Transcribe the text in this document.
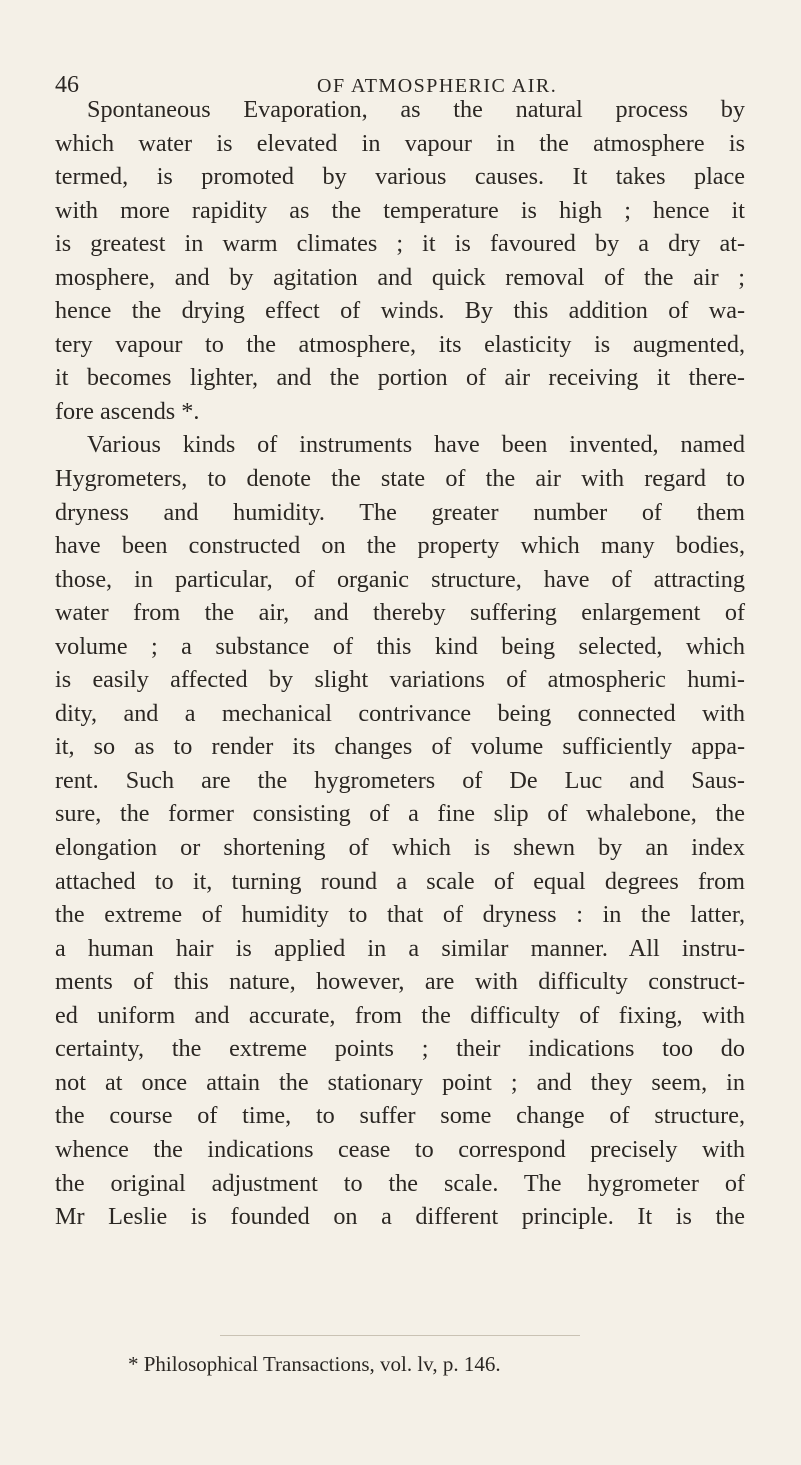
46	OF ATMOSPHERIC AIR.
Spontaneous Evaporation, as the natural process by
which water is elevated in vapour in the atmosphere is
termed, is promoted by various causes. It takes place
with more rapidity as the temperature is high ; hence it
is greatest in warm climates ; it is favoured by a dry at-
mosphere, and by agitation and quick removal of the air ;
hence the drying effect of winds. By this addition of wa-
tery vapour to the atmosphere, its elasticity is augmented,
it becomes lighter, and the portion of air receiving it there-
fore ascends *.
Various kinds of instruments have been invented, named
Hygrometers, to denote the state of the air with regard to
dryness and humidity. The greater number of them
have been constructed on the property which many bodies,
those, in particular, of organic structure, have of attracting
water from the air, and thereby suffering enlargement of
volume ; a substance of this kind being selected, which
is easily affected by slight variations of atmospheric humi-
dity, and a mechanical contrivance being connected with
it, so as to render its changes of volume sufficiently appa-
rent. Such are the hygrometers of De Luc and Saus-
sure, the former consisting of a fine slip of whalebone, the
elongation or shortening of which is shewn by an index
attached to it, turning round a scale of equal degrees from
the extreme of humidity to that of dryness : in the latter,
a human hair is applied in a similar manner. All instru-
ments of this nature, however, are with difficulty construct-
ed uniform and accurate, from the difficulty of fixing, with
certainty, the extreme points ; their indications too do
not at once attain the stationary point ; and they seem, in
the course of time, to suffer some change of structure,
whence the indications cease to correspond precisely with
the original adjustment to the scale. The hygrometer of
Mr Leslie is founded on a different principle. It is the
* Philosophical Transactions, vol. lv, p. 146.
